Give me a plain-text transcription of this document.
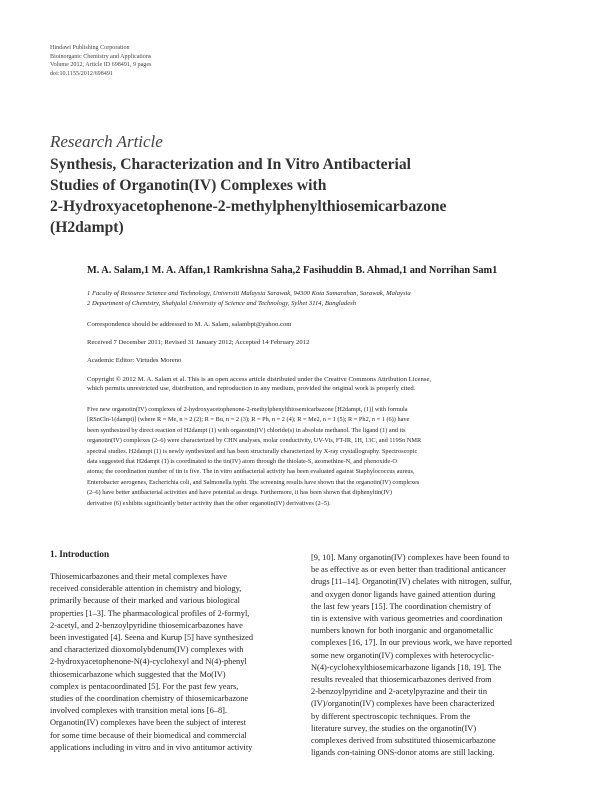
Hindawi Publishing Corporation
Bioinorganic Chemistry and Applications
Volume 2012, Article ID 698491, 9 pages
doi:10.1155/2012/698491
Research Article
Synthesis, Characterization and In Vitro Antibacterial
Studies of Organotin(IV) Complexes with
2-Hydroxyacetophenone-2-methylphenylthiosemicarbazone
(H2dampt)
M. A. Salam,1 M. A. Affan,1 Ramkrishna Saha,2 Fasihuddin B. Ahmad,1 and Norrihan Sam1
1 Faculty of Resource Science and Technology, Universiti Malaysia Sarawak, 94300 Kota Samarahan, Sarawak, Malaysia
2 Department of Chemistry, Shahjalal University of Science and Technology, Sylhet 3114, Bangladesh
Correspondence should be addressed to M. A. Salam, salambpt@yahoo.com
Received 7 December 2011; Revised 31 January 2012; Accepted 14 February 2012
Academic Editor: Virtudes Moreno
Copyright © 2012 M. A. Salam et al. This is an open access article distributed under the Creative Commons Attribution License,
which permits unrestricted use, distribution, and reproduction in any medium, provided the original work is properly cited.
Five new organotin(IV) complexes of 2-hydroxyacetophenone-2-methylphenylthiosemicarbazone [H2dampt, (1)] with formula
[RSnCln-1(dampt)] (where R = Me, n = 2 (2); R = Bu, n = 2 (3); R = Ph, n = 2 (4); R = Me2, n = 1 (5); R = Ph2, n = 1 (6)) have
been synthesized by direct reaction of H2dampt (1) with organotin(IV) chloride(s) in absolute methanol. The ligand (1) and its
organotin(IV) complexes (2–6) were characterized by CHN analyses, molar conductivity, UV-Vis, FT-IR, 1H, 13C, and 119Sn NMR
spectral studies. H2dampt (1) is newly synthesized and has been structurally characterized by X-ray crystallography. Spectroscopic
data suggested that H2dampt (1) is coordinated to the tin(IV) atom through the thiolate-S, azomethine-N, and phenoxide-O
atoms; the coordination number of tin is five. The in vitro antibacterial activity has been evaluated against Staphylococcus aureus,
Enterobacter aerogenes, Escherichia coli, and Salmonella typhi. The screening results have shown that the organotin(IV) complexes
(2–6) have better antibacterial activities and have potential as drugs. Furthermore, it has been shown that diphenyltin(IV)
derivative (6) exhibits significantly better activity than the other organotin(IV) derivatives (2–5).
1. Introduction
Thiosemicarbazones and their metal complexes have
received considerable attention in chemistry and biology,
primarily because of their marked and various biological
properties [1–3]. The pharmacological profiles of 2-formyl,
2-acetyl, and 2-benzoylpyridine thiosemicarbazones have
been investigated [4]. Seena and Kurup [5] have synthesized
and characterized dioxomolybdenum(IV) complexes with
2-hydroxyacetophenone-N(4)-cyclohexyl and N(4)-phenyl
thiosemicarbazone which suggested that the Mo(IV)
complex is pentacoordinated [5]. For the past few years,
studies of the coordination chemistry of thiosemicarbazone
involved complexes with transition metal ions [6–8].
Organotin(IV) complexes have been the subject of interest
for some time because of their biomedical and commercial
applications including in vitro and in vivo antitumor activity
[9, 10]. Many organotin(IV) complexes have been found to
be as effective as or even better than traditional anticancer
drugs [11–14]. Organotin(IV) chelates with nitrogen, sulfur,
and oxygen donor ligands have gained attention during
the last few years [15]. The coordination chemistry of
tin is extensive with various geometries and coordination
numbers known for both inorganic and organometallic
complexes [16, 17]. In our previous work, we have reported
some new organotin(IV) complexes with heterocyclic-
N(4)-cyclohexylthiosemicarbazone ligands [18, 19]. The
results revealed that thiosemicarbazones derived from
2-benzoylpyridine and 2-acetylpyrazine and their tin
(IV)/organotin(IV) complexes have been characterized
by different spectroscopic techniques. From the
literature survey, the studies on the organotin(IV)
complexes derived from substituted thiosemicarbazone
ligands con-taining ONS-donor atoms are still lacking.
